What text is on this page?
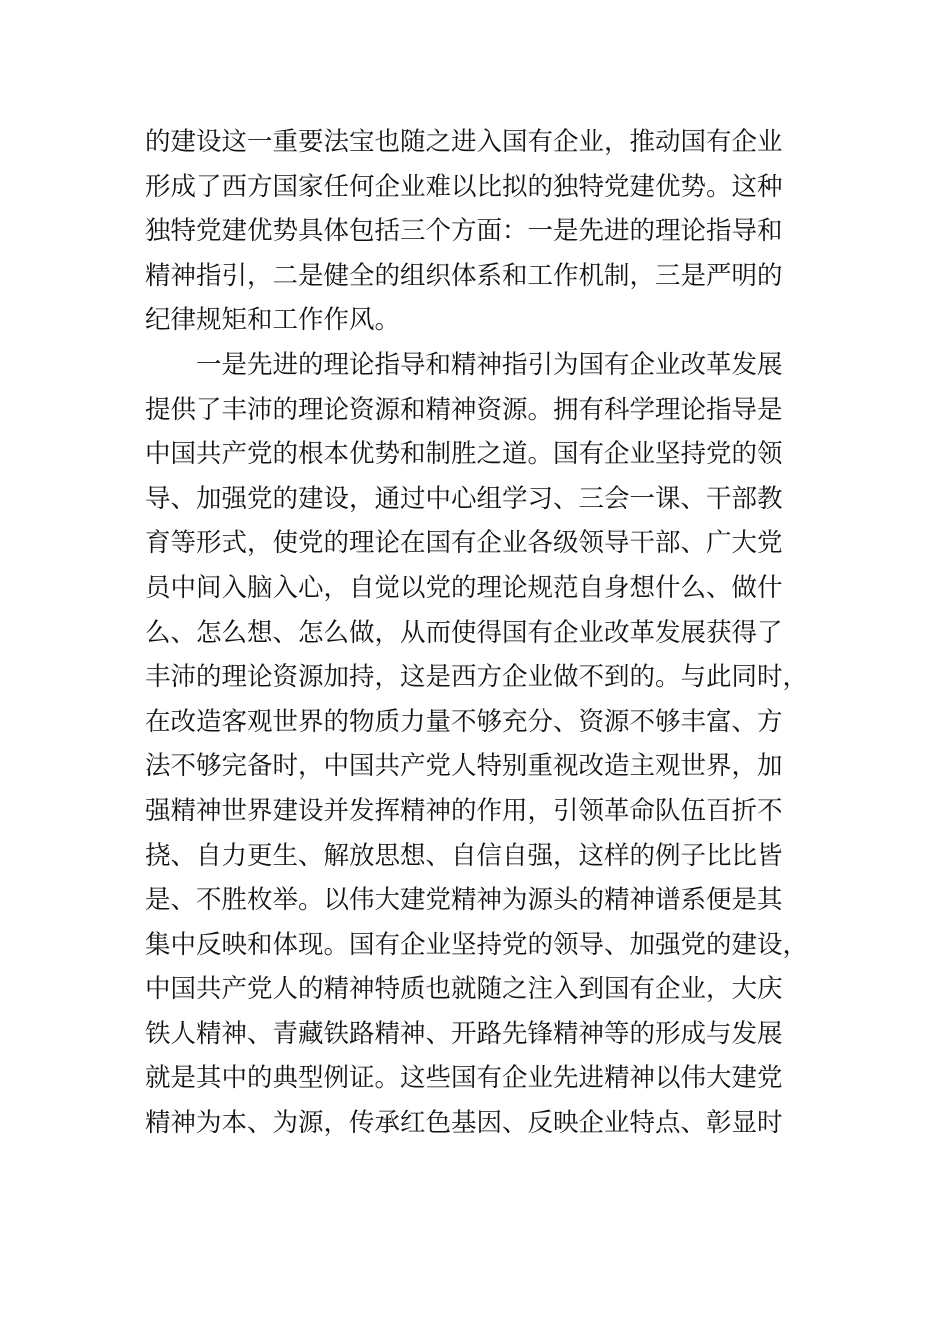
的建设这一重要法宝也随之进入国有企业，推动国有企业
形成了西方国家任何企业难以比拟的独特党建优势。这种
独特党建优势具体包括三个方面：一是先进的理论指导和
精神指引，二是健全的组织体系和工作机制，三是严明的
纪律规矩和工作作风。
一是先进的理论指导和精神指引为国有企业改革发展
提供了丰沛的理论资源和精神资源。拥有科学理论指导是
中国共产党的根本优势和制胜之道。国有企业坚持党的领
导、加强党的建设，通过中心组学习、三会一课、干部教
育等形式，使党的理论在国有企业各级领导干部、广大党
员中间入脑入心，自觉以党的理论规范自身想什么、做什
么、怎么想、怎么做，从而使得国有企业改革发展获得了
丰沛的理论资源加持，这是西方企业做不到的。与此同时，
在改造客观世界的物质力量不够充分、资源不够丰富、方
法不够完备时，中国共产党人特别重视改造主观世界，加
强精神世界建设并发挥精神的作用，引领革命队伍百折不
挠、自力更生、解放思想、自信自强，这样的例子比比皆
是、不胜枚举。以伟大建党精神为源头的精神谱系便是其
集中反映和体现。国有企业坚持党的领导、加强党的建设，
中国共产党人的精神特质也就随之注入到国有企业，大庆
铁人精神、青藏铁路精神、开路先锋精神等的形成与发展
就是其中的典型例证。这些国有企业先进精神以伟大建党
精神为本、为源，传承红色基因、反映企业特点、彰显时
